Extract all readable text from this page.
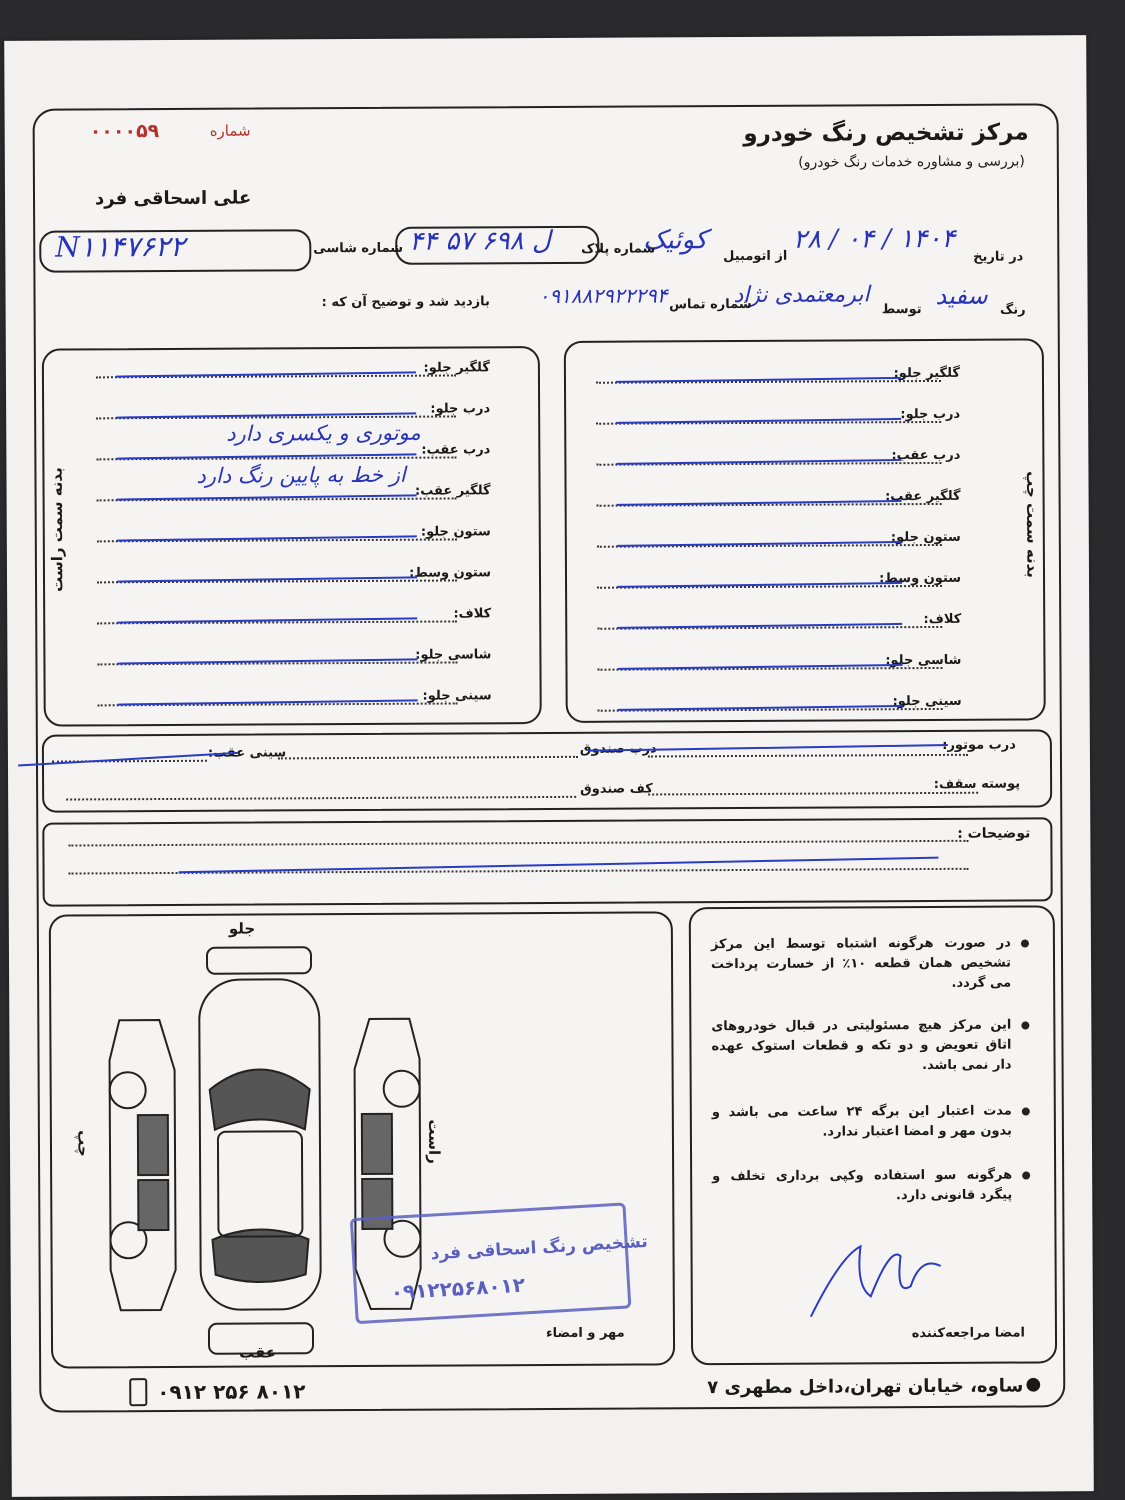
مرکز تشخیص رنگ خودرو
(بررسی و مشاوره خدمات رنگ خودرو)
شماره
۰۰۰۰۵۹
علی اسحاقی فرد
در تاریخ
۲۸ / ۰۴ / ۱۴۰۴
از اتومبیل
کوئیک
شماره پلاک
۴۴ ل ۶۹۸ ۵۷
شماره شاسی
N۱۱۴۷۶۲۲
رنگ
سفید
توسط
ابرمعتمدی نژاد
شماره تماس
۰۹۱۸۸۲۹۲۲۲۹۴
بازدید شد و توضیح آن که :
بدنه سمت چپ
گلگیر جلو:
درب جلو:
درب عقب:
گلگیر عقب:
ستون جلو:
ستون وسط:
کلاف:
شاسی جلو:
سینی جلو:
بدنه سمت راست
گلگیر جلو:
درب جلو:
درب عقب:
گلگیر عقب:
ستون جلو:
ستون وسط:
کلاف:
شاسی جلو:
سینی جلو:
موتوری و یکسری دارد
از خط به پایین رنگ دارد
درب موتور:
درب صندوق
سینی عقب:
پوسته سقف:
کف صندوق
توضیحات :
جلو
عقب
چپ	راست
تشخیص رنگ اسحاقی فرد
۰۹۱۲۲۵۶۸۰۱۲
مهر و امضاء
در صورت هرگونه اشتباه توسط این مرکز تشخیص همان قطعه ۱۰٪ از خسارت پرداخت می گردد.
این مرکز هیچ مسئولیتی در قبال خودروهای اتاق تعویض و دو تکه و قطعات استوک عهده دار نمی باشد.
مدت اعتبار این برگه ۲۴ ساعت می باشد و بدون مهر و امضا اعتبار ندارد.
هرگونه سو استفاده وکپی برداری تخلف و پیگرد قانونی دارد.
امضا مراجعه‌کننده
ساوه، خیابان تهران،داخل مطهری ۷ ●
۰۹۱۲ ۲۵۶ ۸۰۱۲
